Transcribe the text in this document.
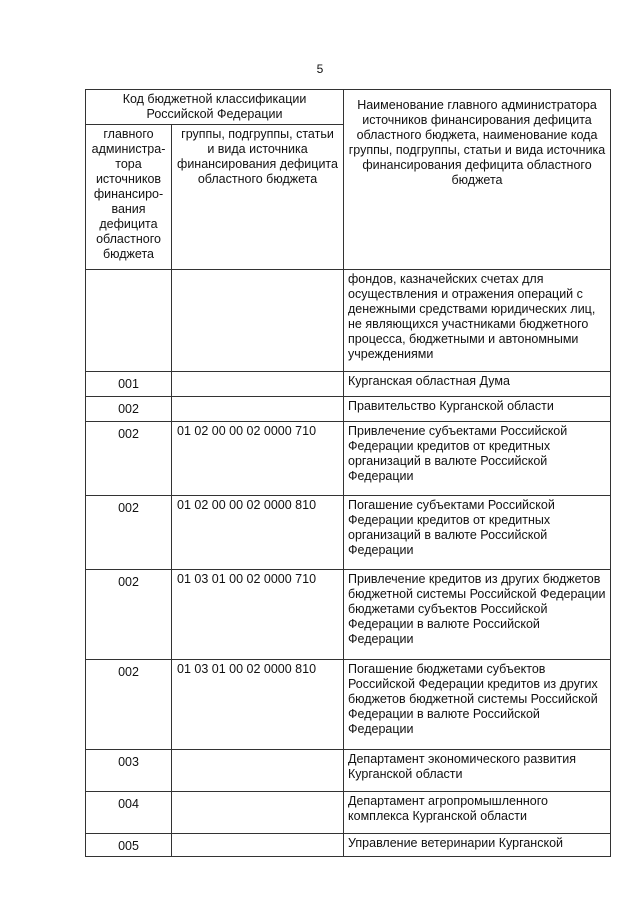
5
Код бюджетной классификации Российской Федерации		Наименование главного администратора источников финансирования дефицита областного бюджета, наименование кода группы, подгруппы, статьи и вида источника финансирования дефицита областного бюджета
главного администра-тора источников финансиро-вания дефицита областного бюджета	группы, подгруппы, статьи и вида источника финансирования дефицита областного бюджета	
		фондов, казначейских счетах для осуществления и отражения операций с денежными средствами юридических лиц, не являющихся участниками бюджетного процесса, бюджетными и автономными учреждениями
001		Курганская областная Дума
002		Правительство Курганской области
002	01 02 00 00 02 0000 710	Привлечение субъектами Российской Федерации кредитов от кредитных организаций в валюте Российской Федерации
002	01 02 00 00 02 0000 810	Погашение субъектами Российской Федерации кредитов от кредитных организаций в валюте Российской Федерации
002	01 03 01 00 02 0000 710	Привлечение кредитов из других бюджетов бюджетной системы Российской Федерации бюджетами субъектов Российской Федерации в валюте Российской Федерации
002	01 03 01 00 02 0000 810	Погашение бюджетами субъектов Российской Федерации кредитов из других бюджетов бюджетной системы Российской Федерации в валюте Российской Федерации
003		Департамент экономического развития Курганской области
004		Департамент агропромышленного комплекса Курганской области
005		Управление ветеринарии Курганской
